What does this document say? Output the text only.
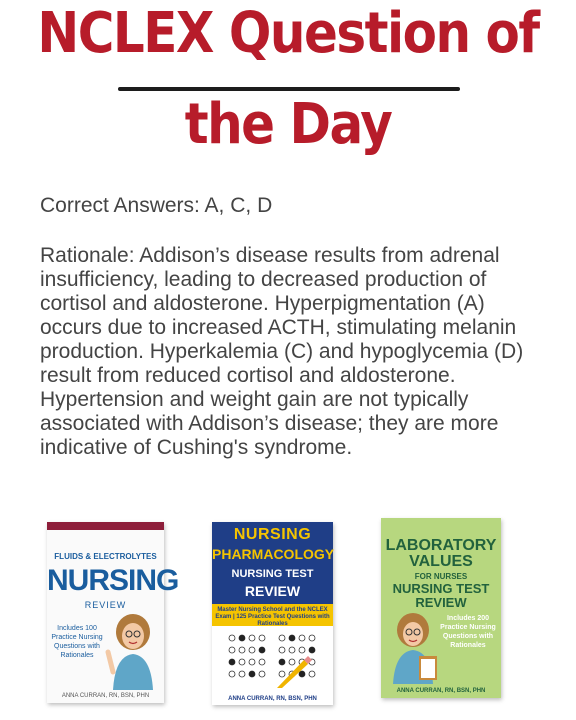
NCLEX Question of
the Day
Correct Answers: A, C, D
Rationale: Addison’s disease results from adrenal insufficiency, leading to decreased production of cortisol and aldosterone. Hyperpigmentation (A) occurs due to increased ACTH, stimulating melanin production. Hyperkalemia (C) and hypoglycemia (D) result from reduced cortisol and aldosterone. Hypertension and weight gain are not typically associated with Addison’s disease; they are more indicative of Cushing's syndrome.
FLUIDS & ELECTROLYTES
NURSING
REVIEW
Includes 100 Practice Nursing Questions with Rationales
ANNA CURRAN, RN, BSN, PHN
NURSING
PHARMACOLOGY
NURSING TEST
REVIEW
Master Nursing School and the NCLEX Exam | 125 Practice Test Questions with Rationales
ANNA CURRAN, RN, BSN, PHN
LABORATORY VALUES
FOR NURSES
NURSING TEST REVIEW
Includes 200 Practice Nursing Questions with Rationales
ANNA CURRAN, RN, BSN, PHN
